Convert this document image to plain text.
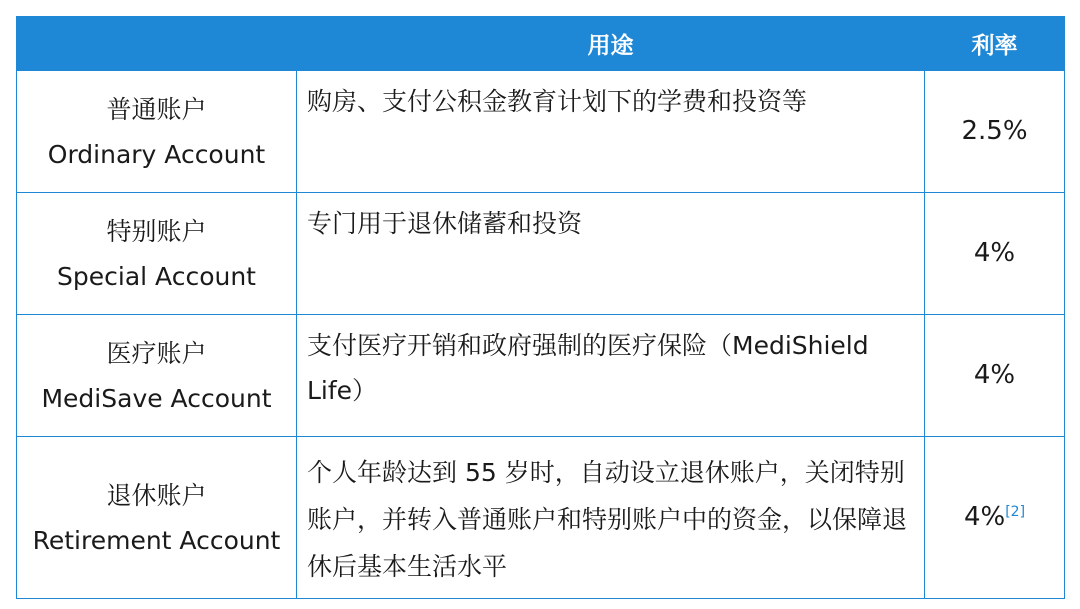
	用途	利率

普通账户
Ordinary Account	购房、支付公积金教育计划下的学费和投资等	2.5%

特别账户
Special Account	专门用于退休储蓄和投资	4%

医疗账户
MediSave Account	支付医疗开销和政府强制的医疗保险（MediShield Life）	4%

退休账户
Retirement Account	个人年龄达到 55 岁时，自动设立退休账户，关闭特别账户，并转入普通账户和特别账户中的资金，以保障退休后基本生活水平	4%[2]
